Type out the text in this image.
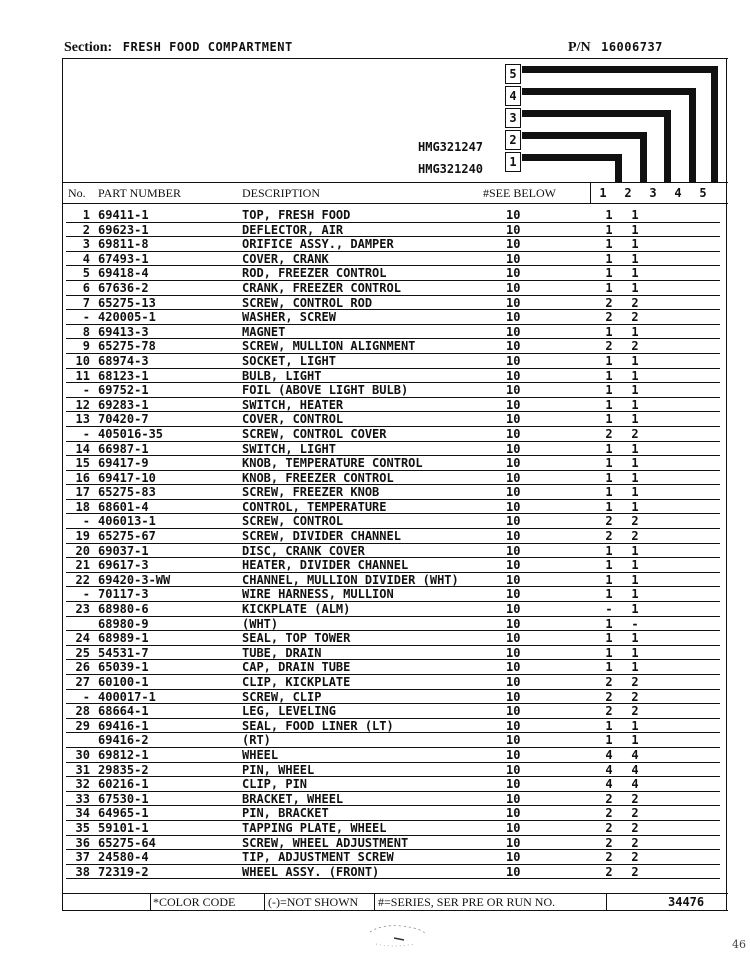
Section: FRESH FOOD COMPARTMENT	P/N 16006737
HMG321247
HMG321240
5
4
3
2
1
1	2	3	4	5
No. PART NUMBER	DESCRIPTION	#SEE BELOW
1 69411-1	TOP, FRESH FOOD	10	1 1
2 69623-1	DEFLECTOR, AIR	10	1 1
3 69811-8	ORIFICE ASSY., DAMPER	10	1 1
4 67493-1	COVER, CRANK	10	1 1
5 69418-4	ROD, FREEZER CONTROL	10	1 1
6 67636-2	CRANK, FREEZER CONTROL	10	1 1
7 65275-13	SCREW, CONTROL ROD	10	2 2
- 420005-1	WASHER, SCREW	10	2 2
8 69413-3	MAGNET	10	1 1
9 65275-78	SCREW, MULLION ALIGNMENT	10	2 2
10 68974-3	SOCKET, LIGHT	10	1 1
11 68123-1	BULB, LIGHT	10	1 1
- 69752-1	FOIL (ABOVE LIGHT BULB)	10	1 1
12 69283-1	SWITCH, HEATER	10	1 1
13 70420-7	COVER, CONTROL	10	1 1
- 405016-35	SCREW, CONTROL COVER	10	2 2
14 66987-1	SWITCH, LIGHT	10	1 1
15 69417-9	KNOB, TEMPERATURE CONTROL	10	1 1
16 69417-10	KNOB, FREEZER CONTROL	10	1 1
17 65275-83	SCREW, FREEZER KNOB	10	1 1
18 68601-4	CONTROL, TEMPERATURE	10	1 1
- 406013-1	SCREW, CONTROL	10	2 2
19 65275-67	SCREW, DIVIDER CHANNEL	10	2 2
20 69037-1	DISC, CRANK COVER	10	1 1
21 69617-3	HEATER, DIVIDER CHANNEL	10	1 1
22 69420-3-WW	CHANNEL, MULLION DIVIDER (WHT)	10	1 1
- 70117-3	WIRE HARNESS, MULLION	10	1 1
23 68980-6	KICKPLATE (ALM)	10	- 1
68980-9	(WHT)	10	1 -
24 68989-1	SEAL, TOP TOWER	10	1 1
25 54531-7	TUBE, DRAIN	10	1 1
26 65039-1	CAP, DRAIN TUBE	10	1 1
27 60100-1	CLIP, KICKPLATE	10	2 2
- 400017-1	SCREW, CLIP	10	2 2
28 68664-1	LEG, LEVELING	10	2 2
29 69416-1	SEAL, FOOD LINER (LT)	10	1 1
69416-2	(RT)	10	1 1
30 69812-1	WHEEL	10	4 4
31 29835-2	PIN, WHEEL	10	4 4
32 60216-1	CLIP, PIN	10	4 4
33 67530-1	BRACKET, WHEEL	10	2 2
34 64965-1	PIN, BRACKET	10	2 2
35 59101-1	TAPPING PLATE, WHEEL	10	2 2
36 65275-64	SCREW, WHEEL ADJUSTMENT	10	2 2
37 24580-4	TIP, ADJUSTMENT SCREW	10	2 2
38 72319-2	WHEEL ASSY. (FRONT)	10	2 2
*COLOR CODE	(-)=NOT SHOWN #=SERIES, SER PRE OR RUN NO.	34476
46
